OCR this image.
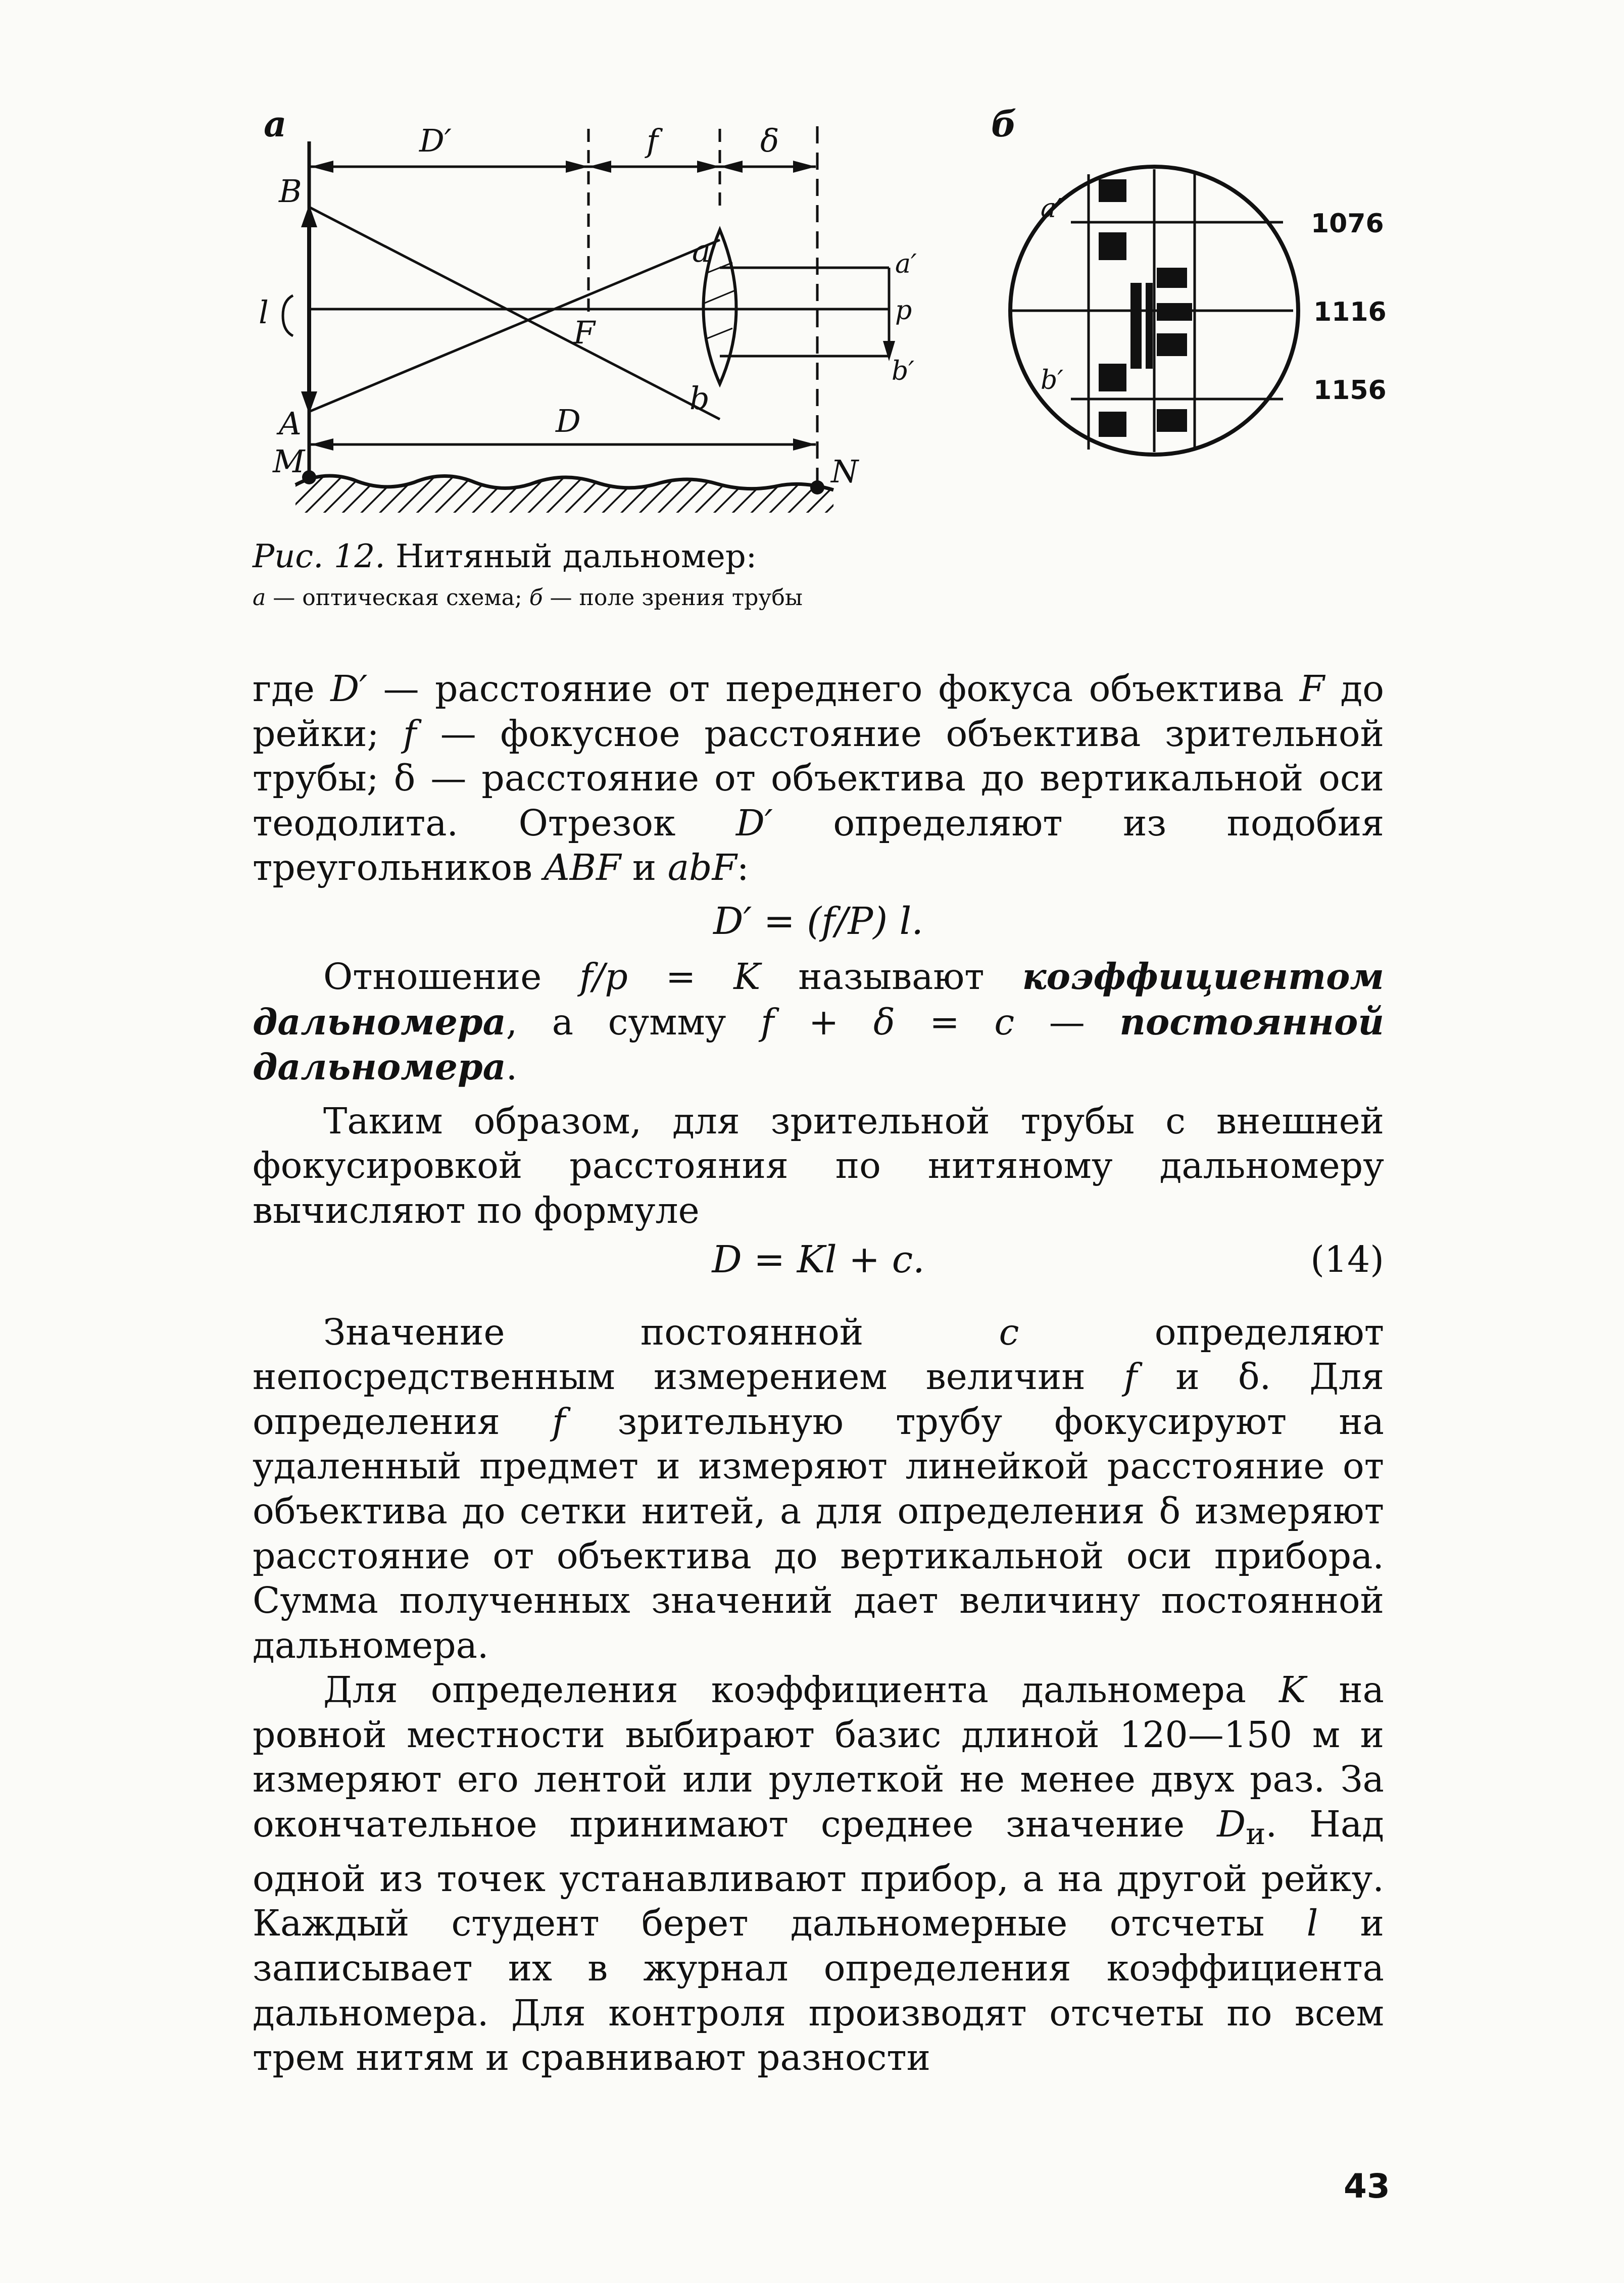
а	D′	f	δ
B
A
l
F
a
b
a′
p
b′
D
M	N
б
a′
b′
1076
1116
1156
Рис. 12. Нитяный дальномер:
а — оптическая схема; б — поле зрения трубы

где D′ — расстояние от переднего фокуса объектива F до рейки; f — фокусное расстояние объектива зрительной трубы; δ — расстояние от объектива до вертикальной оси теодолита. Отрезок D′ определяют из подобия треугольников ABF и abF:

D′ = (f/P) l.

Отношение f/p = K называют коэффициентом дальномера, а сумму f + δ = c — постоянной дальномера.

Таким образом, для зрительной трубы с внешней фокусировкой расстояния по нитяному дальномеру вычисляют по формуле

D = Kl + c.	(14)

Значение постоянной c определяют непосредственным измерением величин f и δ. Для определения f зрительную трубу фокусируют на удаленный предмет и измеряют линейкой расстояние от объектива до сетки нитей, а для определения δ измеряют расстояние от объектива до вертикальной оси прибора. Сумма полученных значений дает величину постоянной дальномера.

Для определения коэффициента дальномера K на ровной местности выбирают базис длиной 120—150 м и измеряют его лентой или рулеткой не менее двух раз. За окончательное принимают среднее значение $D_и$. Над одной из точек устанавливают прибор, а на другой рейку. Каждый студент берет дальномерные отсчеты l и записывает их в журнал определения коэффициента дальномера. Для контроля производят отсчеты по всем трем нитям и сравнивают разности

43
